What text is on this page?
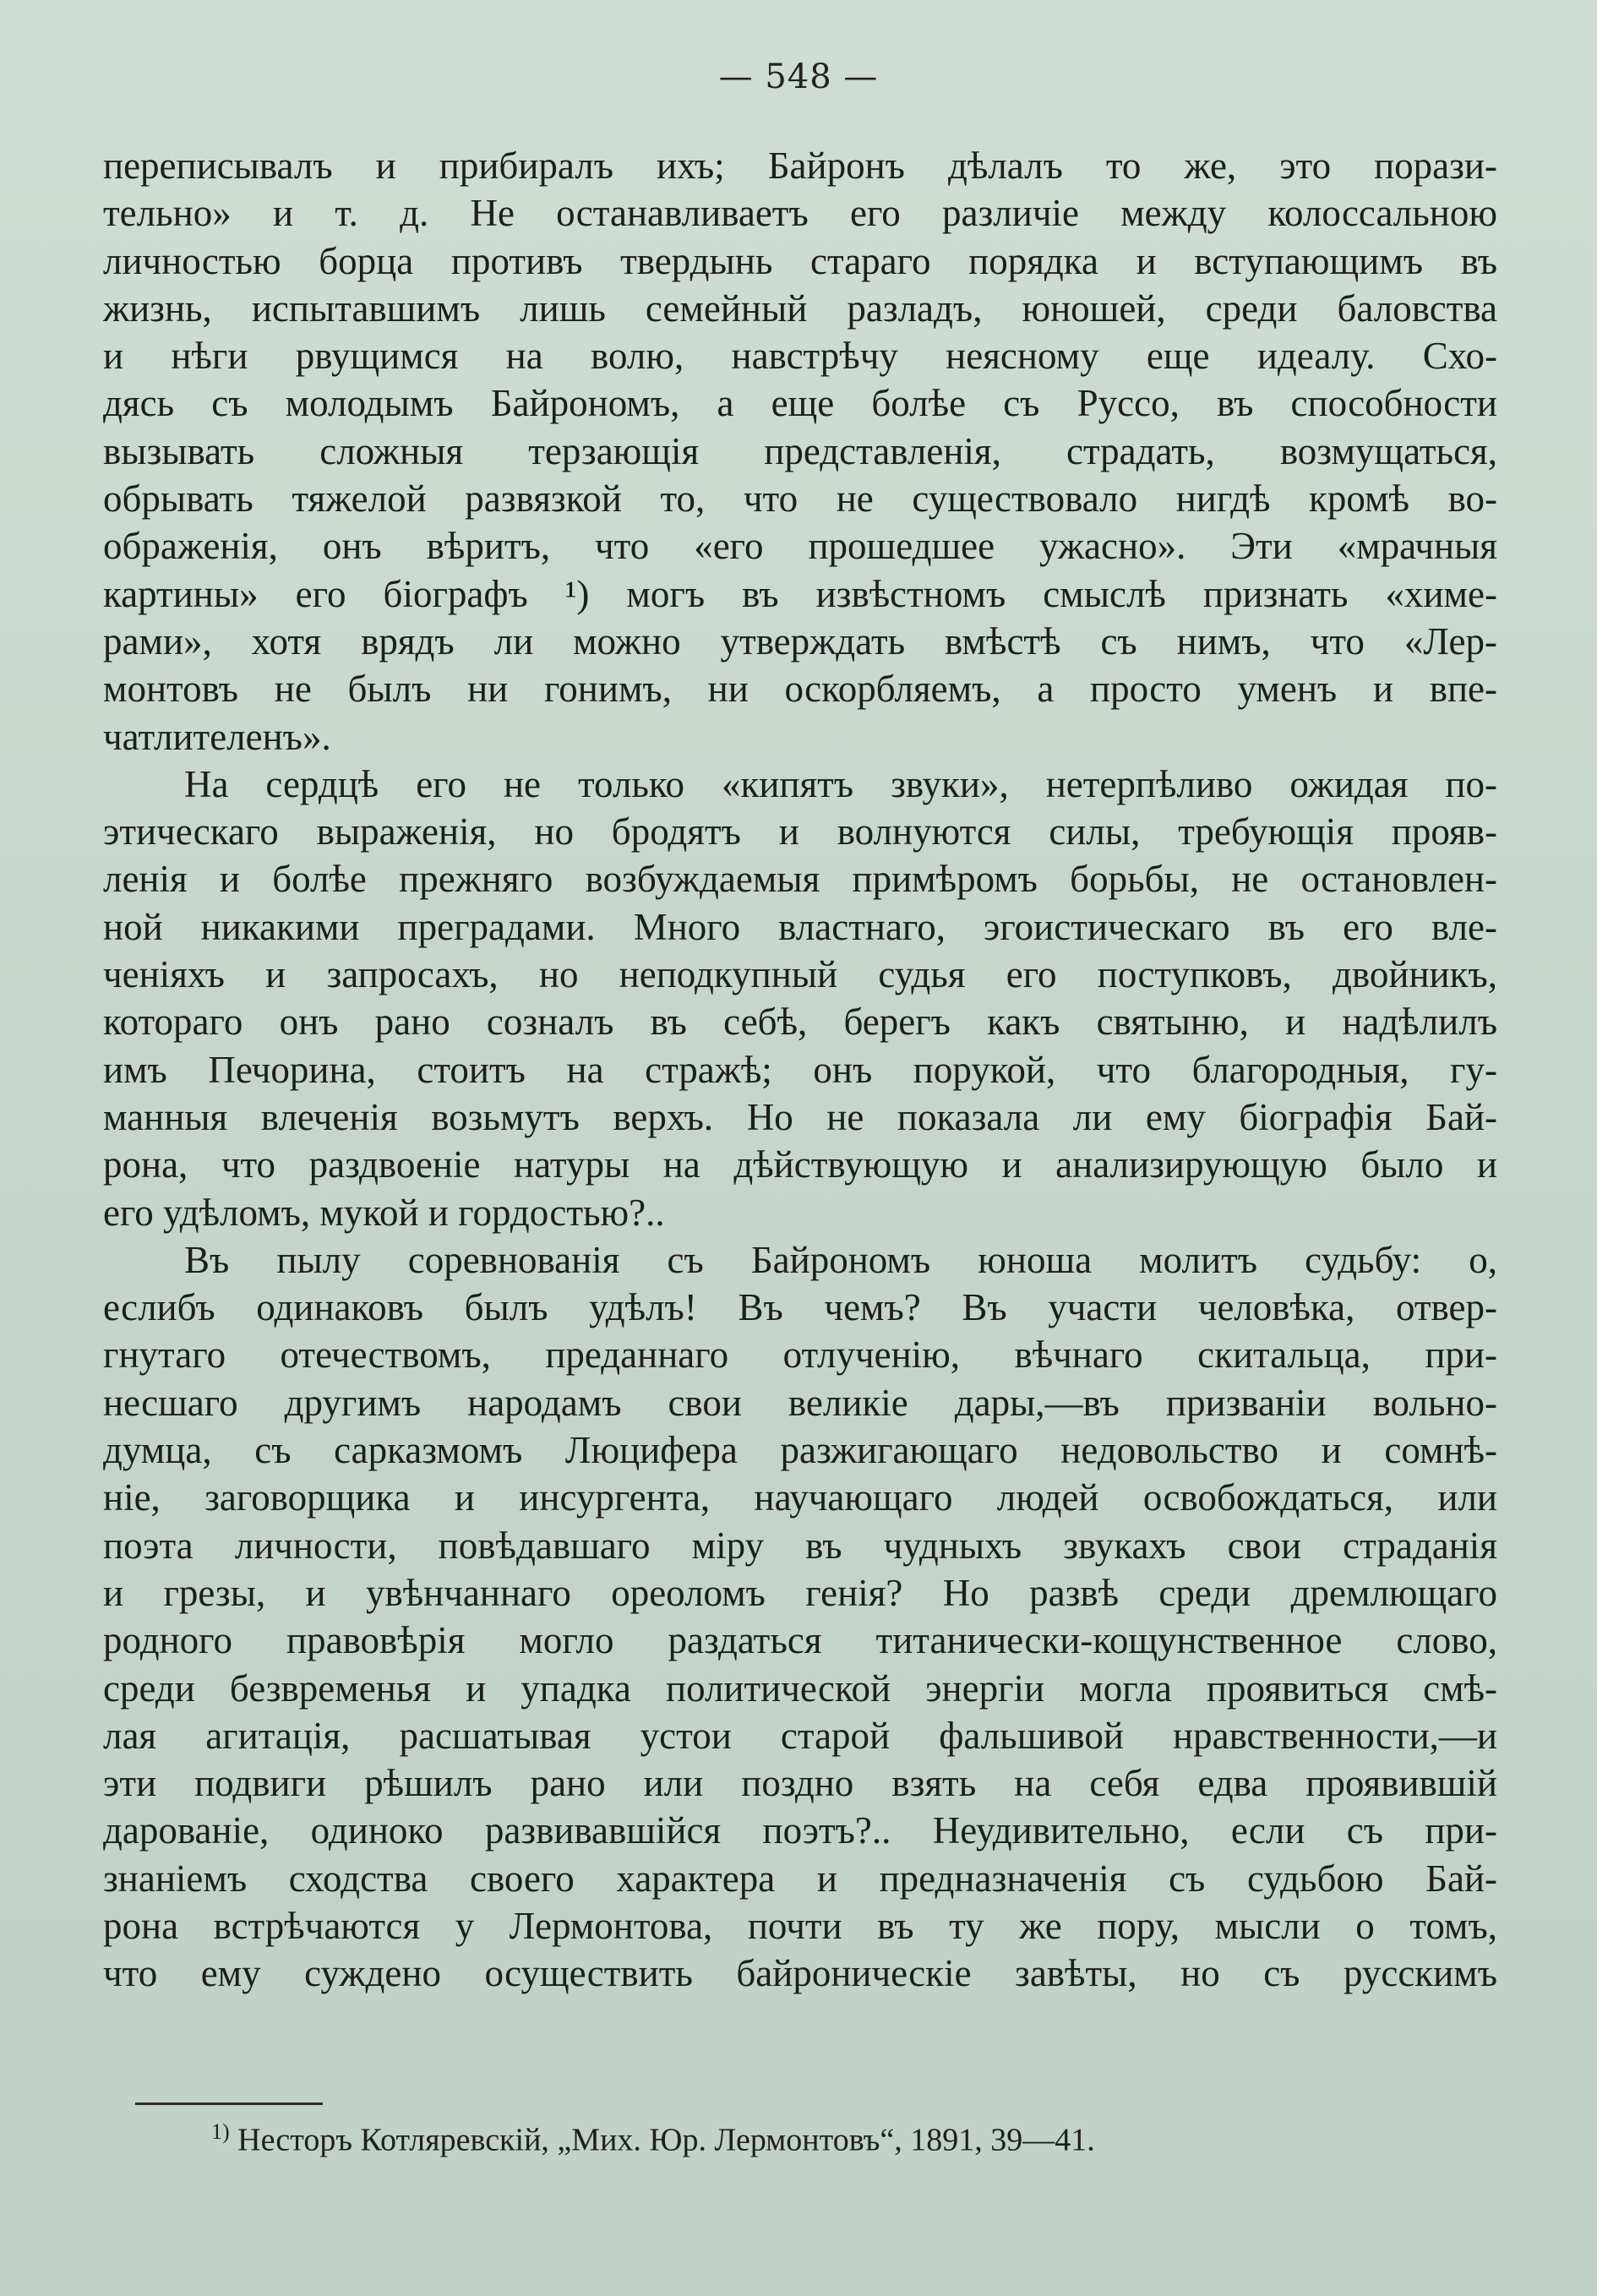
— 548 —
переписывалъ и прибиралъ ихъ; Байронъ дѣлалъ то же, это порази-
тельно» и т. д. Не останавливаетъ его различіе между колоссальною
личностью борца противъ твердынь стараго порядка и вступающимъ въ
жизнь, испытавшимъ лишь семейный разладъ, юношей, среди баловства
и нѣги рвущимся на волю, навстрѣчу неясному еще идеалу. Схо-
дясь съ молодымъ Байрономъ, а еще болѣе съ Руссо, въ способности
вызывать сложныя терзающія представленія, страдать, возмущаться,
обрывать тяжелой развязкой то, что не существовало нигдѣ кромѣ во-
ображенія, онъ вѣритъ, что «его прошедшее ужасно». Эти «мрачныя
картины» его біографъ ¹) могъ въ извѣстномъ смыслѣ признать «химе-
рами», хотя врядъ ли можно утверждать вмѣстѣ съ нимъ, что «Лер-
монтовъ не былъ ни гонимъ, ни оскорбляемъ, а просто уменъ и впе-
чатлителенъ».
На сердцѣ его не только «кипятъ звуки», нетерпѣливо ожидая по-
этическаго выраженія, но бродятъ и волнуются силы, требующія прояв-
ленія и болѣе прежняго возбуждаемыя примѣромъ борьбы, не остановлен-
ной никакими преградами. Много властнаго, эгоистическаго въ его влe-
ченіяхъ и запросахъ, но неподкупный судья его поступковъ, двойникъ,
котораго онъ рано созналъ въ себѣ, берегъ какъ святыню, и надѣлилъ
имъ Печорина, стоитъ на стражѣ; онъ порукой, что благородныя, гу-
манныя влеченія возьмутъ верхъ. Но не показала ли ему біографія Бай-
рона, что раздвоеніе натуры на дѣйствующую и анализирующую было и
его удѣломъ, мукой и гордостью?..
Въ пылу соревнованія съ Байрономъ юноша молитъ судьбу: о,
еслибъ одинаковъ былъ удѣлъ! Въ чемъ? Въ участи человѣка, отвер-
гнутаго отечествомъ, преданнаго отлученію, вѣчнаго скитальца, при-
несшаго другимъ народамъ свои великіе дары,—въ призваніи вольно-
думца, съ сарказмомъ Люцифера разжигающаго недовольство и сомнѣ-
ніе, заговорщика и инсургента, научающаго людей освобождаться, или
поэта личности, повѣдавшаго міру въ чудныхъ звукахъ свои страданія
и грезы, и увѣнчаннаго ореоломъ генія? Но развѣ среди дремлющаго
родного правовѣрія могло раздаться титанически-кощунственное слово,
среди безвременья и упадка политической энергіи могла проявиться смѣ-
лая агитація, расшатывая устои старой фальшивой нравственности,—и
эти подвиги рѣшилъ рано или поздно взять на себя едва проявившій
дарованіе, одиноко развивавшійся поэтъ?.. Неудивительно, если съ при-
знаніемъ сходства своего характера и предназначенія съ судьбою Бай-
рона встрѣчаются у Лермонтова, почти въ ту же пору, мысли о томъ,
что ему суждено осуществить байроническіе завѣты, но съ русскимъ
$^{1)}$ Несторъ Котляревскій, „Мих. Юр. Лермонтовъ“, 1891, 39—41.
